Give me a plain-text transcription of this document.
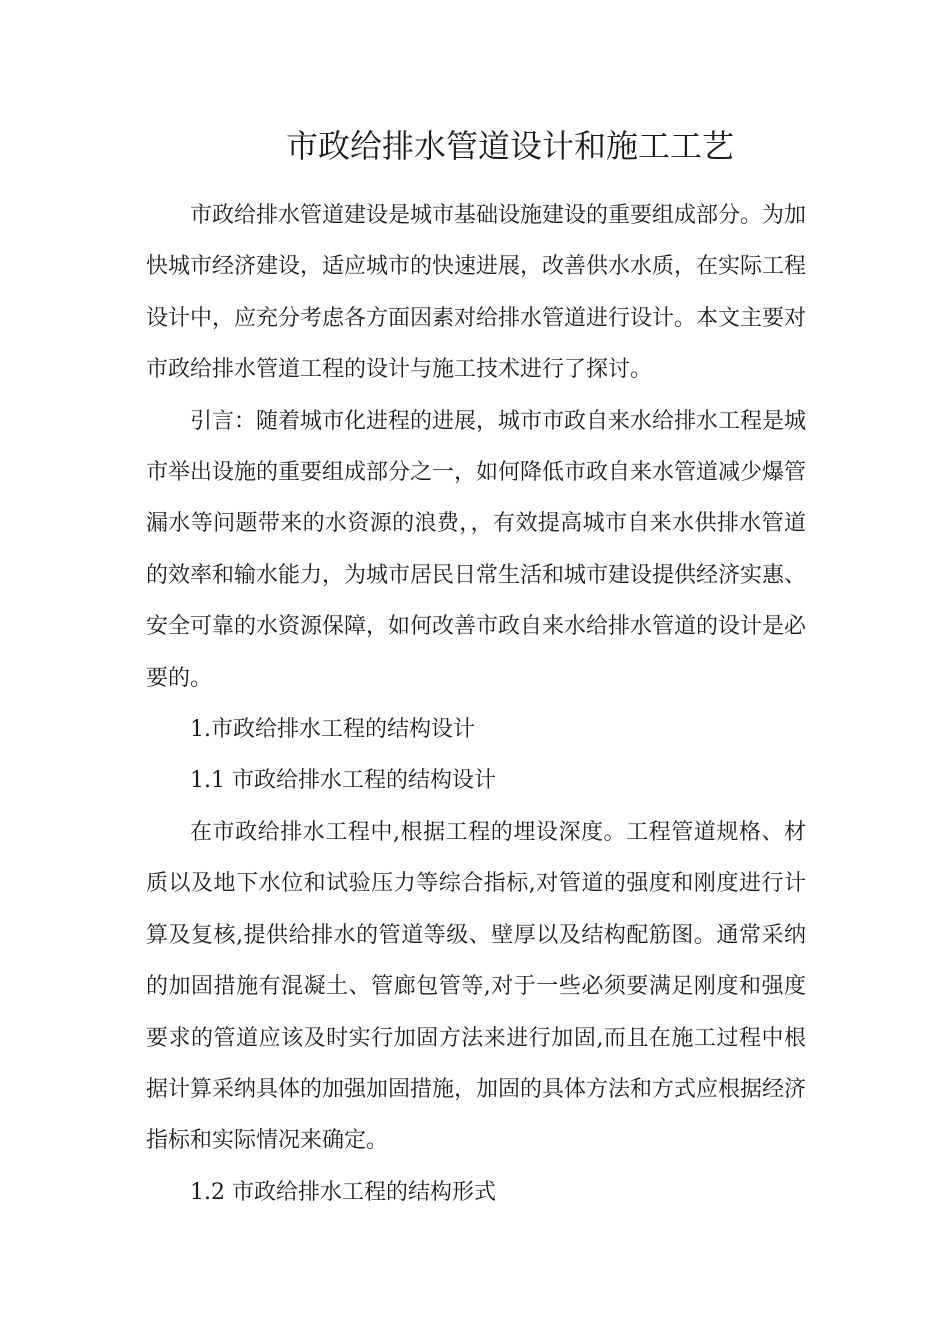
市政给排水管道设计和施工工艺

市政给排水管道建设是城市基础设施建设的重要组成部分。为加快城市经济建设，适应城市的快速进展，改善供水水质，在实际工程设计中，应充分考虑各方面因素对给排水管道进行设计。本文主要对市政给排水管道工程的设计与施工技术进行了探讨。

引言：随着城市化进程的进展，城市市政自来水给排水工程是城市举出设施的重要组成部分之一，如何降低市政自来水管道减少爆管漏水等问题带来的水资源的浪费，，有效提高城市自来水供排水管道的效率和输水能力，为城市居民日常生活和城市建设提供经济实惠、安全可靠的水资源保障，如何改善市政自来水给排水管道的设计是必要的。

1.市政给排水工程的结构设计

1.1 市政给排水工程的结构设计

在市政给排水工程中,根据工程的埋设深度。工程管道规格、材质以及地下水位和试验压力等综合指标,对管道的强度和刚度进行计算及复核,提供给排水的管道等级、壁厚以及结构配筋图。通常采纳的加固措施有混凝土、管廊包管等,对于一些必须要满足刚度和强度要求的管道应该及时实行加固方法来进行加固,而且在施工过程中根据计算采纳具体的加强加固措施，加固的具体方法和方式应根据经济指标和实际情况来确定。

1.2 市政给排水工程的结构形式
